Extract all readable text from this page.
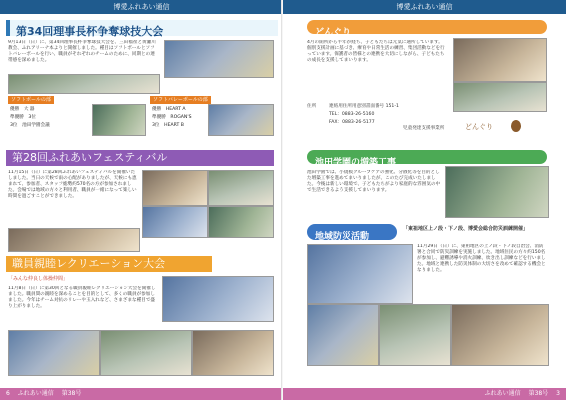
博愛ふれあい通信
第34回理事長杯争奪球技大会
9月13日（日）に、第34回理事長杯争奪球技大会を、三田福祉と黄瀬川教会、ふれアリーナ本よりと開催しました。種目はソフトボールとソフトバレーボールを行い、職員がそれぞれのチームのために、同期との連帯感を深めました。
ソフトボールの部
優勝　 大 器
準優勝　 3位
3位　 池田学園会議
ソフトバレーボールの部
優勝　 HEART A
準優勝　 ROGAN'S
3位　 HEART B
第28回ふれあいフェスティバル
11月15日（日）に第28回ふれあいフェスティバルを開催いたしました。当日の天候で雨の心配がありましたが、天候にも恵まれて、参加者、スタッフ総勢約570名の方が参加されました。会場では地域の方々と利用者、職員が一緒になって楽しい時間を過ごすことができました。
職員親睦レクリエーション大会
「みんな仲良し体操仲間」
11月8日（日）に第30回となる職員親睦レクリエーション大会を開催しました。職員間の親睦を深めることを目的として、多くの職員が参加しました。今年はチーム対抗のリレーや玉入れなど、さまざまな種目で盛り上がりました。
6 ふれあい通信 第38号
博愛ふれあい通信
どんぐり
4月の開所から半年が経ち、子どもたちは元気に通所しています。個別支援計画に基づき、療育や日常生活の練習、集団活動などを行っています。保護者の皆様との連携を大切にしながら、子どもたちの成長を支援してまいります。
住所	連絡用住所用意別書面番号 151-1
TEL：0883-26-5160
FAX：0883-26-5177
児童発達支援事業所	どんぐり
池田学園の増築工事
池田学園では、小規模グループケアの強化、分散化等を目的とした増築工事を進めてまいりましたが、このたび完成いたしました。今後は新しい環境で、子どもたちがより家庭的な雰囲気の中で生活できるよう支援してまいります。
地域防災活動
「東祖地区上ノ段・下ノ段、博愛会総合防災訓練開催」
11月29日（日）に、東祖地区の上ノ段・下ノ段自治会、消防署と合同で防災訓練を実施しました。地域住民の方々約150名が参加し、避難誘導や消火訓練、炊き出し訓練などを行いました。地域と連携した防災体制の大切さを改めて確認する機会となりました。
ふれあい通信 第38号 3
